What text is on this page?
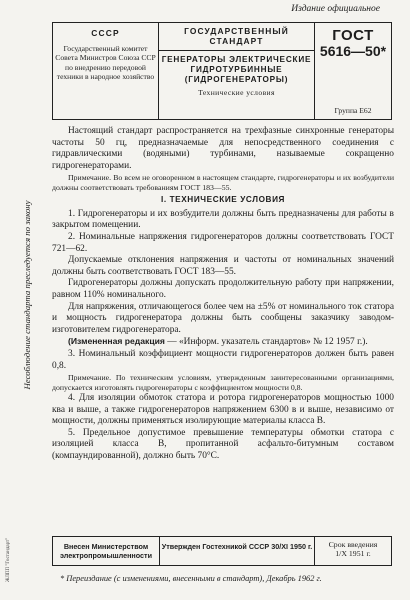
Издание официальное
СССР
Государственный комитет Совета Министров Союза ССР по внедрению передовой техники в народное хозяйство
ГОСУДАРСТВЕННЫЙ СТАНДАРТ
ГЕНЕРАТОРЫ ЭЛЕКТРИЧЕСКИЕ ГИДРОТУРБИННЫЕ (ГИДРОГЕНЕРАТОРЫ)
Технические условия
ГОСТ
5616—50*
Группа Е62
Несоблюдение стандарта преследуется по закону
ЖЛПП "Гостандарт"

Настоящий стандарт распространяется на трехфазные синхронные генераторы частоты 50 гц, предназначаемые для непосредственного соединения с гидравлическими (водяными) турбинами, называемые сокращенно гидрогенераторами.

Примечание. Во всем не оговоренном в настоящем стандарте, гидрогенераторы и их возбудители должны соответствовать требованиям ГОСТ 183—55.

I. ТЕХНИЧЕСКИЕ УСЛОВИЯ

1. Гидрогенераторы и их возбудители должны быть предназначены для работы в закрытом помещении.

2. Номинальные напряжения гидрогенераторов должны соответствовать ГОСТ 721—62.

Допускаемые отклонения напряжения и частоты от номинальных значений должны быть соответствовать ГОСТ 183—55.

Гидрогенераторы должны допускать продолжительную работу при напряжении, равном 110% номинального.

Для напряжения, отличающегося более чем на ±5% от номинального ток статора и мощность гидрогенератора должны быть сообщены заказчику заводом-изготовителем гидрогенератора.

(Измененная редакция — «Информ. указатель стандартов» № 12 1957 г.).

3. Номинальный коэффициент мощности гидрогенераторов должен быть равен 0,8.

Примечание. По техническим условиям, утвержденным заинтересованными организациями, допускается изготовлять гидрогенераторы с коэффициентом мощности 0,8.

4. Для изоляции обмоток статора и ротора гидрогенераторов мощностью 1000 ква и выше, а также гидрогенераторов напряжением 6300 в и выше, независимо от мощности, должны применяться изолирующие материалы класса В.

5. Предельное допустимое превышение температуры обмотки статора с изоляцией класса В, пропитанной асфальто-битумным составом (компаундированной), должно быть 70°С.

Внесен Министерством электропромышленности
Утвержден Гостехникой СССР 30/XI 1950 г.	Срок введения
1/X 1951 г.
* Переиздание (с изменениями, внесенными в стандарт), Декабрь 1962 г.
